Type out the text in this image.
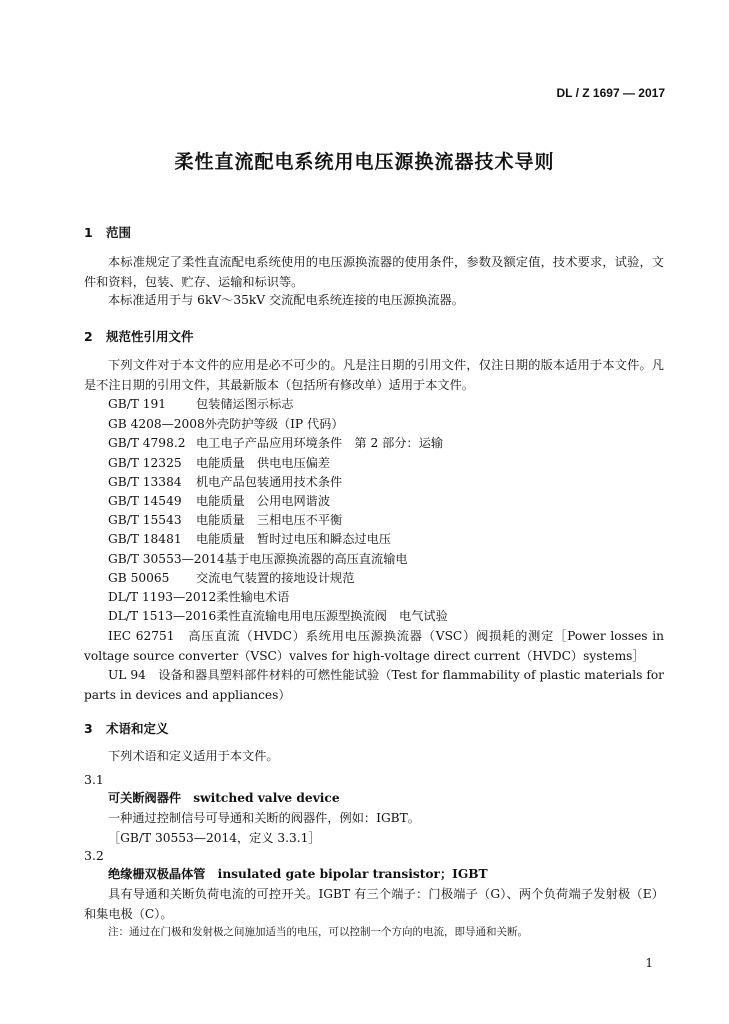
DL / Z 1697 — 2017
柔性直流配电系统用电压源换流器技术导则
1 范围
本标准规定了柔性直流配电系统使用的电压源换流器的使用条件，参数及额定值，技术要求，试验，文件和资料，包装、贮存、运输和标识等。
本标准适用于与 6kV～35kV 交流配电系统连接的电压源换流器。
2 规范性引用文件
下列文件对于本文件的应用是必不可少的。凡是注日期的引用文件，仅注日期的版本适用于本文件。凡是不注日期的引用文件，其最新版本（包括所有修改单）适用于本文件。
GB/T 191 包装储运图示标志
GB 4208—2008外壳防护等级（IP 代码）
GB/T 4798.2 电工电子产品应用环境条件　第 2 部分：运输
GB/T 12325 电能质量　供电电压偏差
GB/T 13384 机电产品包装通用技术条件
GB/T 14549 电能质量　公用电网谐波
GB/T 15543 电能质量　三相电压不平衡
GB/T 18481 电能质量　暂时过电压和瞬态过电压
GB/T 30553—2014基于电压源换流器的高压直流输电
GB 50065 交流电气装置的接地设计规范
DL/T 1193—2012柔性输电术语
DL/T 1513—2016柔性直流输电用电压源型换流阀　电气试验
IEC 62751　高压直流（HVDC）系统用电压源换流器（VSC）阀损耗的测定［Power losses in voltage source converter（VSC）valves for high-voltage direct current（HVDC）systems］
UL 94　设备和器具塑料部件材料的可燃性能试验（Test for flammability of plastic materials for parts in devices and appliances）
3 术语和定义
下列术语和定义适用于本文件。
3.1
可关断阀器件　switched valve device
一种通过控制信号可导通和关断的阀器件，例如：IGBT。
［GB/T 30553—2014，定义 3.3.1］
3.2
绝缘栅双极晶体管　insulated gate bipolar transistor；IGBT
具有导通和关断负荷电流的可控开关。IGBT 有三个端子：门极端子（G）、两个负荷端子发射极（E）和集电极（C）。
注：通过在门极和发射极之间施加适当的电压，可以控制一个方向的电流，即导通和关断。
1
